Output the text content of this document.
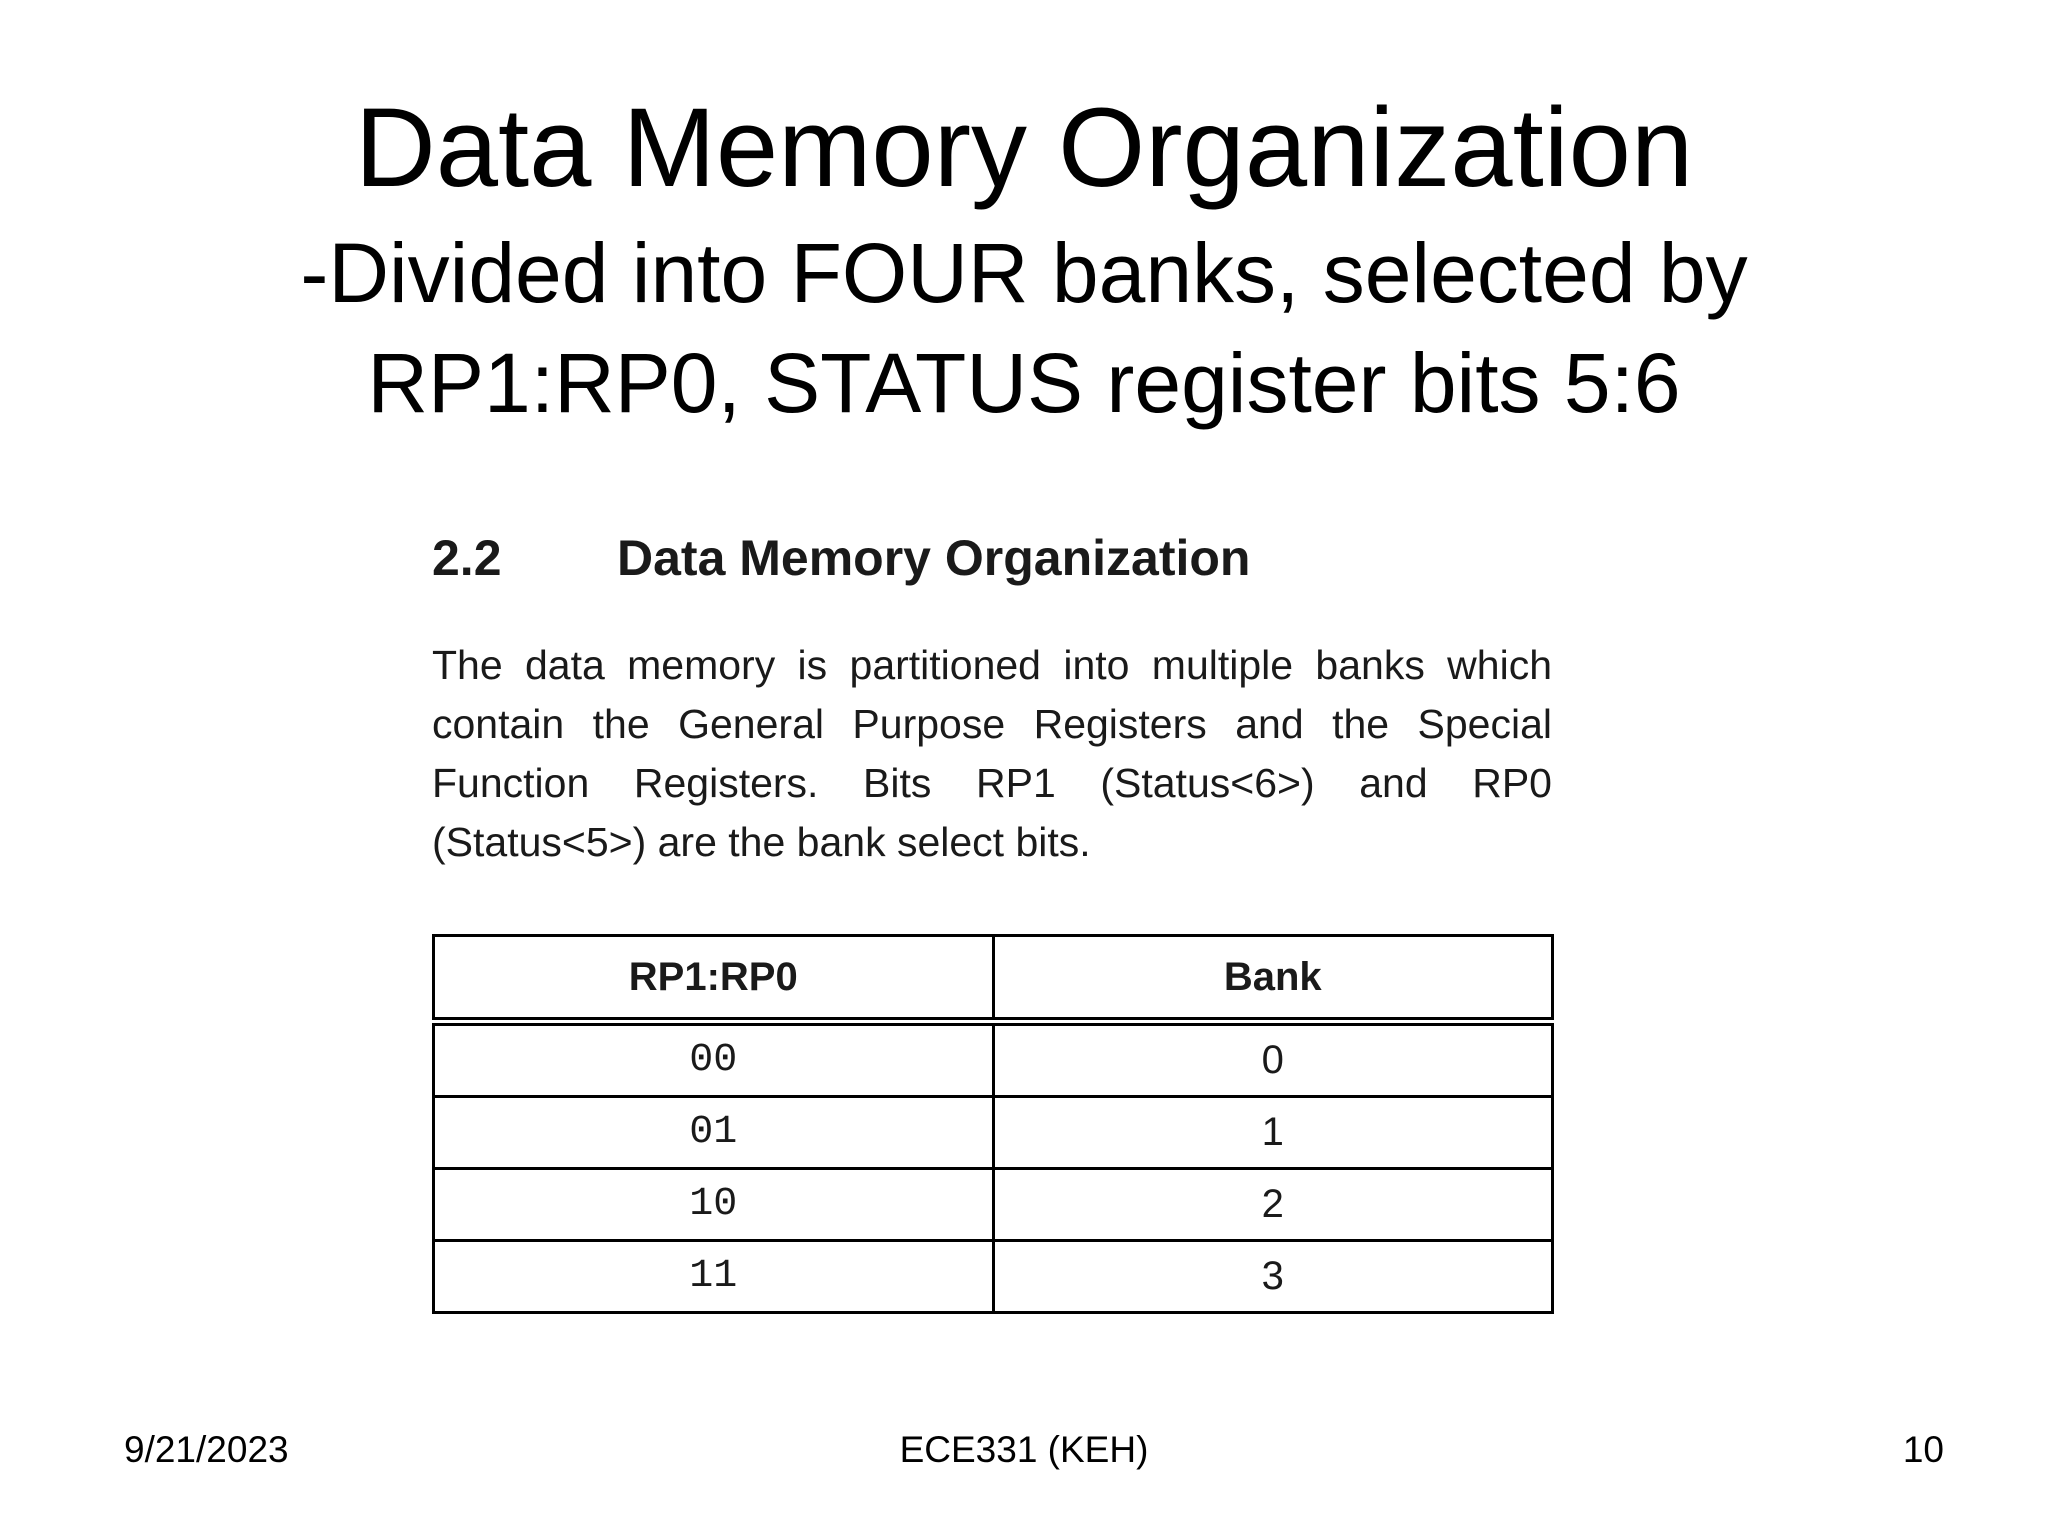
Data Memory Organization
-Divided into FOUR banks, selected by
RP1:RP0, STATUS register bits 5:6
2.2 Data Memory Organization
The data memory is partitioned into multiple banks which contain the General Purpose Registers and the Special Function Registers. Bits RP1 (Status<6>) and RP0 (Status<5>) are the bank select bits.
RP1:RP0	Bank
00	0
01	1
10	2
11	3
9/21/2023	ECE331 (KEH)	10
